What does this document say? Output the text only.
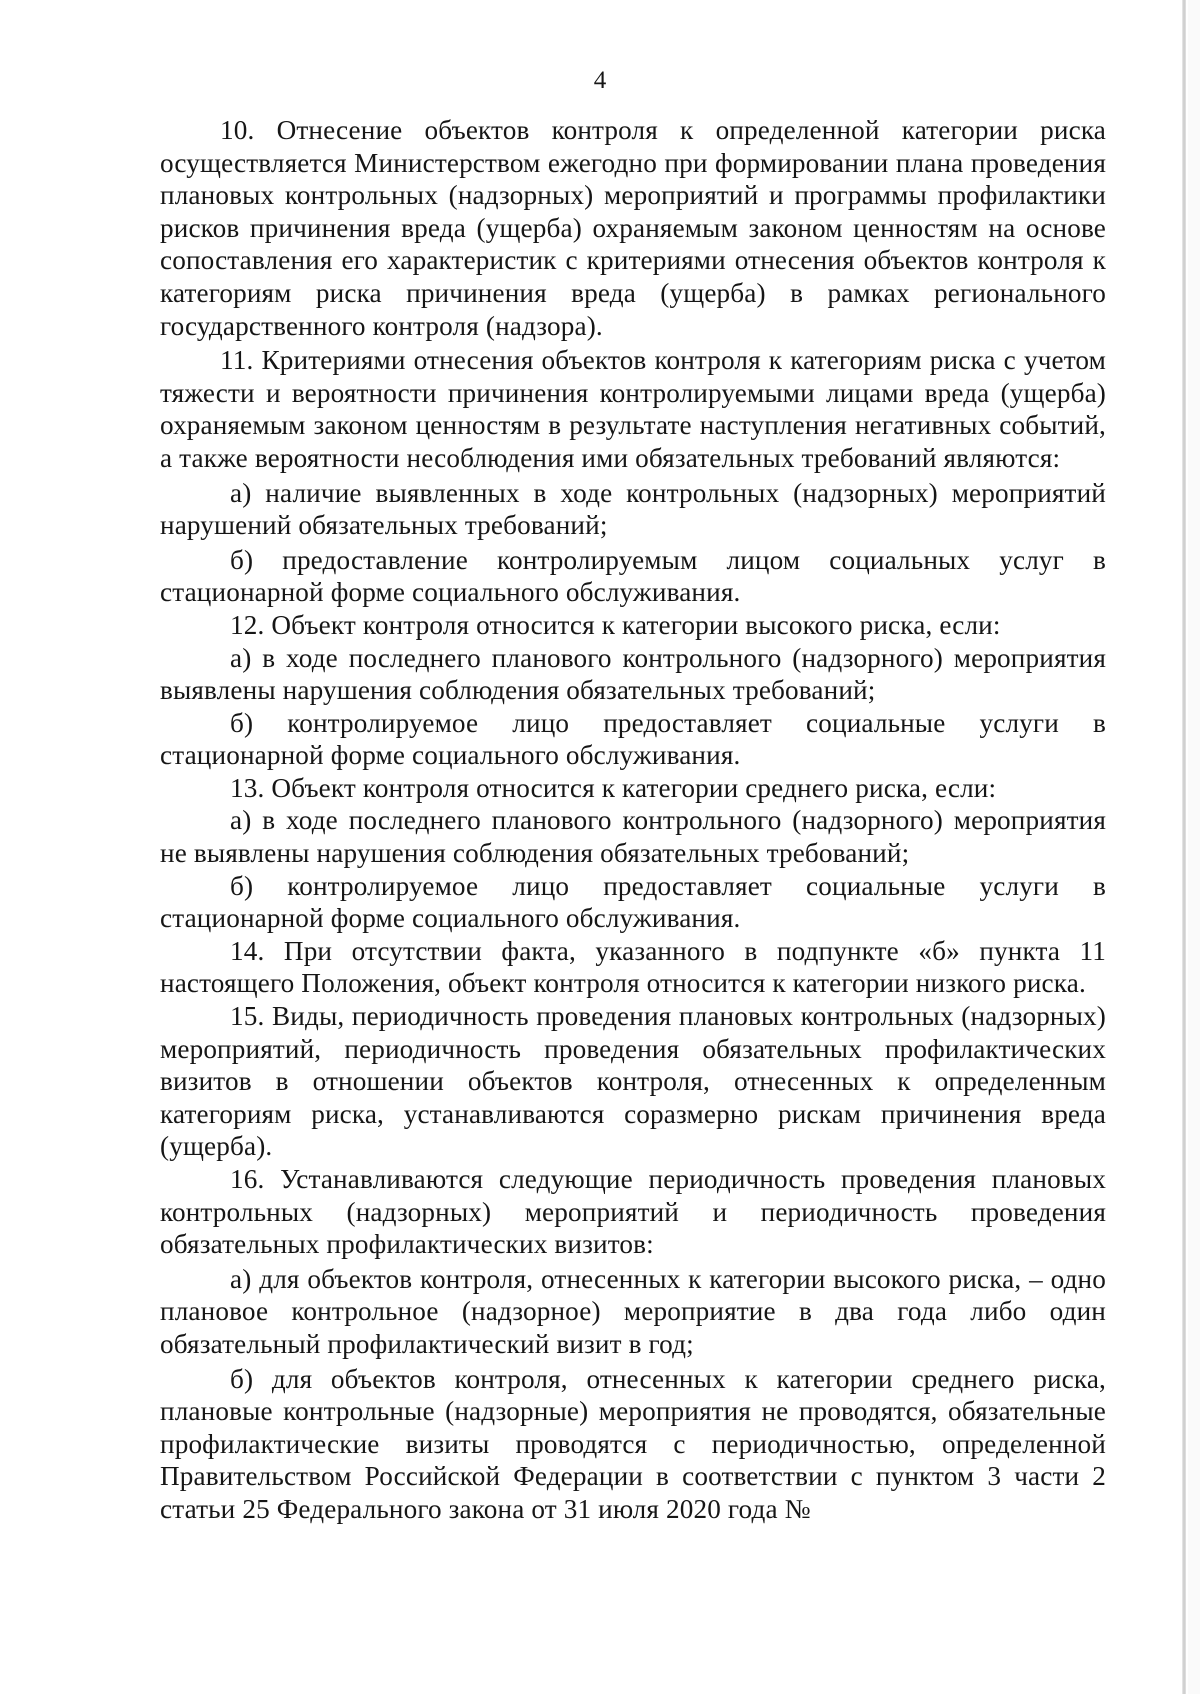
4

10. Отнесение объектов контроля к определенной категории риска осуществляется Министерством ежегодно при формировании плана проведения плановых контрольных (надзорных) мероприятий и программы профилактики рисков причинения вреда (ущерба) охраняемым законом ценностям на основе сопоставления его характеристик с критериями отнесения объектов контроля к категориям риска причинения вреда (ущерба) в рамках регионального государственного контроля (надзора).

11. Критериями отнесения объектов контроля к категориям риска с учетом тяжести и вероятности причинения контролируемыми лицами вреда (ущерба) охраняемым законом ценностям в результате наступления негативных событий, а также вероятности несоблюдения ими обязательных требований являются:

а) наличие выявленных в ходе контрольных (надзорных) мероприятий нарушений обязательных требований;

б) предоставление контролируемым лицом социальных услуг в стационарной форме социального обслуживания.

12. Объект контроля относится к категории высокого риска, если:

а) в ходе последнего планового контрольного (надзорного) мероприятия выявлены нарушения соблюдения обязательных требований;

б) контролируемое лицо предоставляет социальные услуги в стационарной форме социального обслуживания.

13. Объект контроля относится к категории среднего риска, если:

а) в ходе последнего планового контрольного (надзорного) мероприятия не выявлены нарушения соблюдения обязательных требований;

б) контролируемое лицо предоставляет социальные услуги в стационарной форме социального обслуживания.

14. При отсутствии факта, указанного в подпункте «б» пункта 11 настоящего Положения, объект контроля относится к категории низкого риска.

15. Виды, периодичность проведения плановых контрольных (надзорных) мероприятий, периодичность проведения обязательных профилактических визитов в отношении объектов контроля, отнесенных к определенным категориям риска, устанавливаются соразмерно рискам причинения вреда (ущерба).

16. Устанавливаются следующие периодичность проведения плановых контрольных (надзорных) мероприятий и периодичность проведения обязательных профилактических визитов:

а) для объектов контроля, отнесенных к категории высокого риска, – одно плановое контрольное (надзорное) мероприятие в два года либо один обязательный профилактический визит в год;

б) для объектов контроля, отнесенных к категории среднего риска, плановые контрольные (надзорные) мероприятия не проводятся, обязательные профилактические визиты проводятся с периодичностью, определенной Правительством Российской Федерации в соответствии с пунктом 3 части 2 статьи 25 Федерального закона от 31 июля 2020 года №
